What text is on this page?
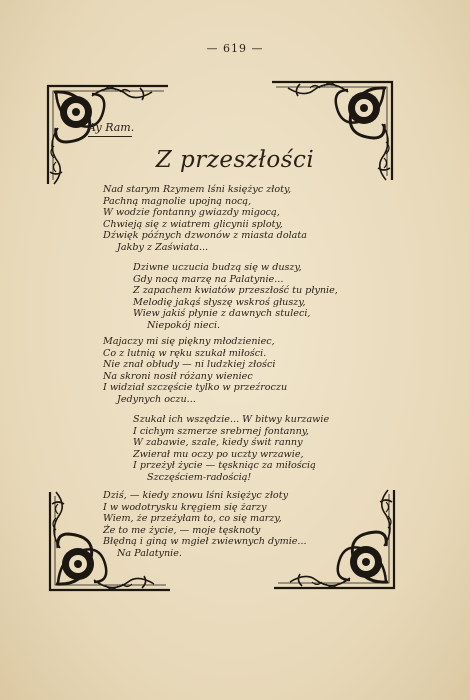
— 619 —
Ay Ram.
Z przeszłości
Nad starym Rzymem lśni księżyc złoty,
Pachną magnolie upojną nocą,
W wodzie fontanny gwiazdy migocą,
Chwieją się z wiatrem glicynii sploty,
Dźwięk późnych dzwonów z miasta dolata
Jakby z Zaświata...
Dziwne uczucia budzą się w duszy,
Gdy nocą marzę na Palatynie...
Z zapachem kwiatów przeszłość tu płynie,
Melodię jakąś słyszę wskroś głuszy,
Wiew jakiś płynie z dawnych stuleci,
Niepokój nieci.
Majaczy mi się piękny młodzieniec,
Co z lutnią w ręku szukał miłości.
Nie znał obłudy — ni ludzkiej złości
Na skroni nosił różany wieniec
I widział szczęście tylko w przeźroczu
Jedynych oczu...
Szukał ich wszędzie... W bitwy kurzawie
I cichym szmerze srebrnej fontanny,
W zabawie, szale, kiedy świt ranny
Zwierał mu oczy po uczty wrzawie,
I przeżył życie — tęskniąc za miłością
Szczęściem-radością!
Dziś, — kiedy znowu lśni księżyc złoty
I w wodotrysku kręgiem się żarzy
Wiem, że przeżyłam to, co się marzy,
Że to me życie, — moje tęsknoty
Błędną i giną w mgieł zwiewnych dymie...
Na Palatynie.
